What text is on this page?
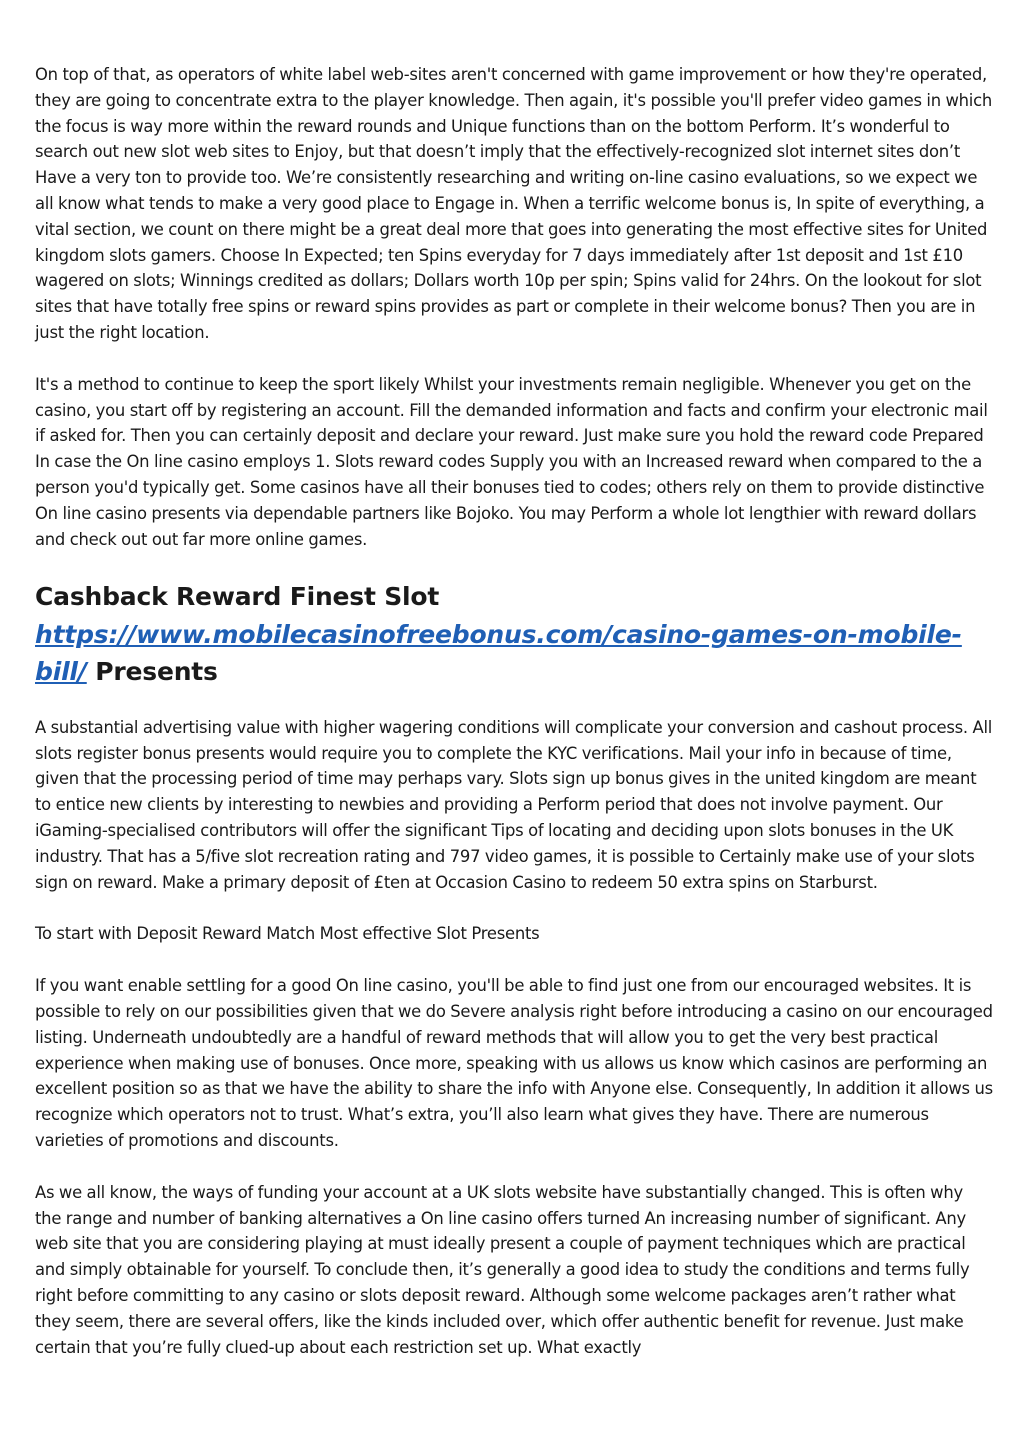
On top of that, as operators of white label web-sites aren't concerned with game improvement or how they're operated, they are going to concentrate extra to the player knowledge. Then again, it's possible you'll prefer video games in which the focus is way more within the reward rounds and Unique functions than on the bottom Perform. It’s wonderful to search out new slot web sites to Enjoy, but that doesn’t imply that the effectively-recognized slot internet sites don’t Have a very ton to provide too. We’re consistently researching and writing on-line casino evaluations, so we expect we all know what tends to make a very good place to Engage in. When a terrific welcome bonus is, In spite of everything, a vital section, we count on there might be a great deal more that goes into generating the most effective sites for United kingdom slots gamers. Choose In Expected; ten Spins everyday for 7 days immediately after 1st deposit and 1st £10 wagered on slots; Winnings credited as dollars; Dollars worth 10p per spin; Spins valid for 24hrs. On the lookout for slot sites that have totally free spins or reward spins provides as part or complete in their welcome bonus? Then you are in just the right location.

It's a method to continue to keep the sport likely Whilst your investments remain negligible. Whenever you get on the casino, you start off by registering an account. Fill the demanded information and facts and confirm your electronic mail if asked for. Then you can certainly deposit and declare your reward. Just make sure you hold the reward code Prepared In case the On line casino employs 1. Slots reward codes Supply you with an Increased reward when compared to the a person you'd typically get. Some casinos have all their bonuses tied to codes; others rely on them to provide distinctive On line casino presents via dependable partners like Bojoko. You may Perform a whole lot lengthier with reward dollars and check out out far more online games.

Cashback Reward Finest Slot https://www.mobilecasinofreebonus.com/casino-games-on-mobile-bill/ Presents

A substantial advertising value with higher wagering conditions will complicate your conversion and cashout process. All slots register bonus presents would require you to complete the KYC verifications. Mail your info in because of time, given that the processing period of time may perhaps vary. Slots sign up bonus gives in the united kingdom are meant to entice new clients by interesting to newbies and providing a Perform period that does not involve payment. Our iGaming-specialised contributors will offer the significant Tips of locating and deciding upon slots bonuses in the UK industry. That has a 5/five slot recreation rating and 797 video games, it is possible to Certainly make use of your slots sign on reward. Make a primary deposit of £ten at Occasion Casino to redeem 50 extra spins on Starburst.

To start with Deposit Reward Match Most effective Slot Presents

If you want enable settling for a good On line casino, you'll be able to find just one from our encouraged websites. It is possible to rely on our possibilities given that we do Severe analysis right before introducing a casino on our encouraged listing. Underneath undoubtedly are a handful of reward methods that will allow you to get the very best practical experience when making use of bonuses. Once more, speaking with us allows us know which casinos are performing an excellent position so as that we have the ability to share the info with Anyone else. Consequently, In addition it allows us recognize which operators not to trust. What’s extra, you’ll also learn what gives they have. There are numerous varieties of promotions and discounts.

As we all know, the ways of funding your account at a UK slots website have substantially changed. This is often why the range and number of banking alternatives a On line casino offers turned An increasing number of significant. Any web site that you are considering playing at must ideally present a couple of payment techniques which are practical and simply obtainable for yourself. To conclude then, it’s generally a good idea to study the conditions and terms fully right before committing to any casino or slots deposit reward. Although some welcome packages aren’t rather what they seem, there are several offers, like the kinds included over, which offer authentic benefit for revenue. Just make certain that you’re fully clued-up about each restriction set up. What exactly
